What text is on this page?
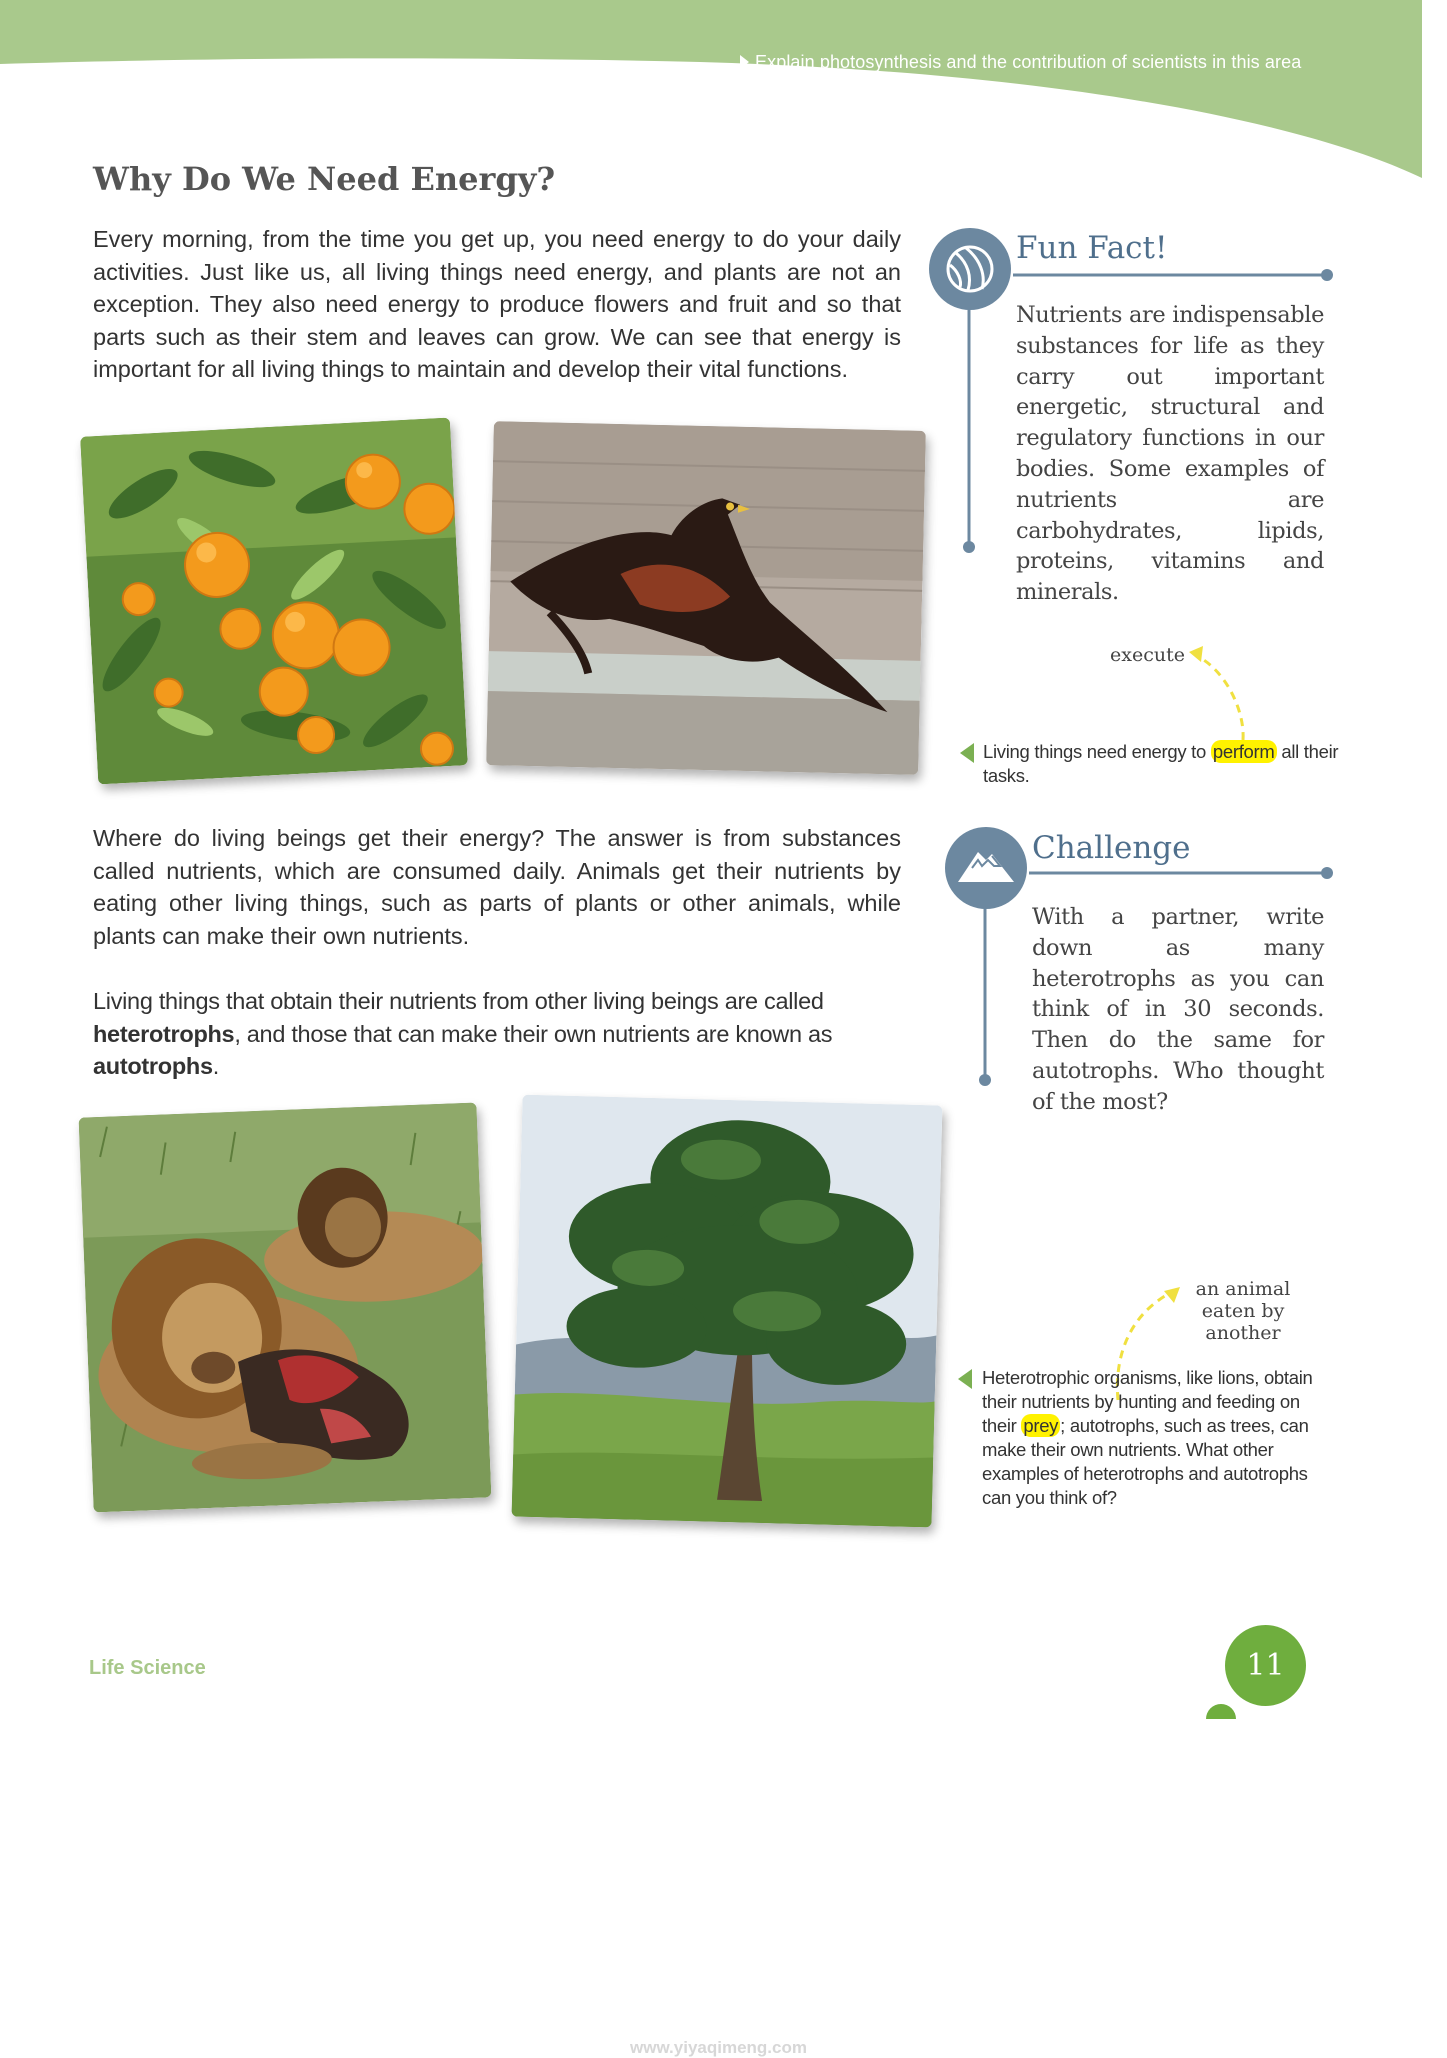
Explain photosynthesis and the contribution of scientists in this area
Why Do We Need Energy?
Every morning, from the time you get up, you need energy to do your daily activities. Just like us, all living things need energy, and plants are not an exception. They also need energy to produce flowers and fruit and so that parts such as their stem and leaves can grow. We can see that energy is important for all living things to maintain and develop their vital functions.
Fun Fact!
Nutrients are indispensable substances for life as they carry out important energetic, structural and regulatory functions in our bodies. Some examples of nutrients are carbohydrates, lipids, proteins, vitamins and minerals.
execute
Living things need energy to perform all their tasks.
Where do living beings get their energy? The answer is from substances called nutrients, which are consumed daily. Animals get their nutrients by eating other living things, such as parts of plants or other animals, while plants can make their own nutrients.
Living things that obtain their nutrients from other living beings are called heterotrophs, and those that can make their own nutrients are known as autotrophs.
Challenge
With a partner, write down as many heterotrophs as you can think of in 30 seconds. Then do the same for autotrophs. Who thought of the most?
an animal eaten by another
Heterotrophic organisms, like lions, obtain their nutrients by hunting and feeding on their prey ; autotrophs, such as trees, can make their own nutrients. What other examples of heterotrophs and autotrophs can you think of?
Life Science	11
www.yiyaqimeng.com
